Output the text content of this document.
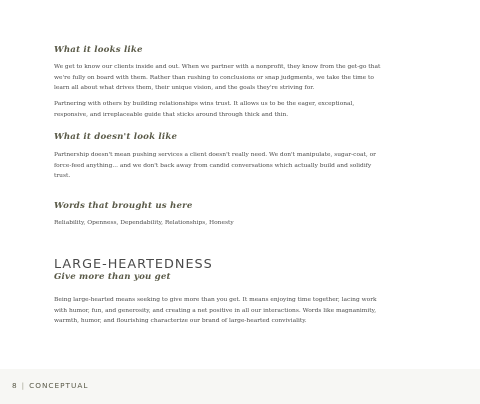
What it looks like

We get to know our clients inside and out. When we partner with a nonprofit, they know from the get-go that we're fully on board with them. Rather than rushing to conclusions or snap judgments, we take the time to learn all about what drives them, their unique vision, and the goals they're striving for.

Partnering with others by building relationships wins trust. It allows us to be the eager, exceptional, responsive, and irreplaceable guide that sticks around through thick and thin.

What it doesn't look like

Partnership doesn't mean pushing services a client doesn't really need. We don't manipulate, sugar-coat, or force-feed anything... and we don't back away from candid conversations which actually build and solidify trust.

Words that brought us here

Reliability, Openness, Dependability, Relationships, Honesty

LARGE-HEARTEDNESS
Give more than you get

Being large-hearted means seeking to give more than you get. It means enjoying time together, lacing work with humor, fun, and generosity, and creating a net positive in all our interactions. Words like magnanimity, warmth, humor, and flourishing characterize our brand of large-hearted conviviality.

8 | CONCEPTUAL
